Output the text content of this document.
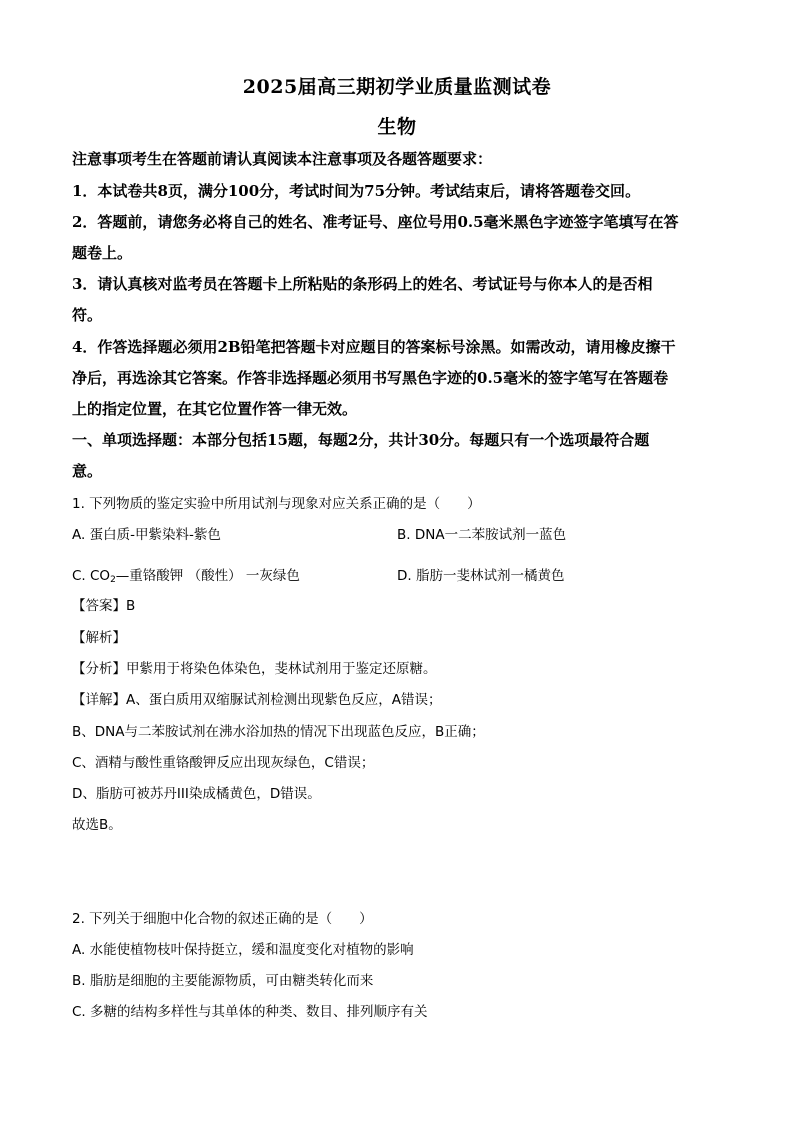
2025届高三期初学业质量监测试卷
生物
注意事项考生在答题前请认真阅读本注意事项及各题答题要求：
1．本试卷共8页，满分100分，考试时间为75分钟。考试结束后，请将答题卷交回。
2．答题前，请您务必将自己的姓名、准考证号、座位号用0.5毫米黑色字迹签字笔填写在答
题卷上。
3．请认真核对监考员在答题卡上所粘贴的条形码上的姓名、考试证号与你本人的是否相
符。
4．作答选择题必须用2B铅笔把答题卡对应题目的答案标号涂黑。如需改动，请用橡皮擦干
净后，再选涂其它答案。作答非选择题必须用书写黑色字迹的0.5毫米的签字笔写在答题卷
上的指定位置，在其它位置作答一律无效。
一、单项选择题：本部分包括15题，每题2分，共计30分。每题只有一个选项最符合题
意。
1. 下列物质的鉴定实验中所用试剂与现象对应关系正确的是（　　）
A. 蛋白质-甲紫染料-紫色	B. DNA一二苯胺试剂一蓝色
C. $CO_2—$重铬酸钾 （酸性） 一灰绿色	D. 脂肪一斐林试剂一橘黄色
【答案】B
【解析】
【分析】甲紫用于将染色体染色，斐林试剂用于鉴定还原糖。
【详解】A、蛋白质用双缩脲试剂检测出现紫色反应，A错误；
B、DNA与二苯胺试剂在沸水浴加热的情况下出现蓝色反应，B正确；
C、酒精与酸性重铬酸钾反应出现灰绿色，C错误；
D、脂肪可被苏丹III染成橘黄色，D错误。
故选B。
2. 下列关于细胞中化合物的叙述正确的是（　　）
A. 水能使植物枝叶保持挺立，缓和温度变化对植物的影响
B. 脂肪是细胞的主要能源物质，可由糖类转化而来
C. 多糖的结构多样性与其单体的种类、数目、排列顺序有关
